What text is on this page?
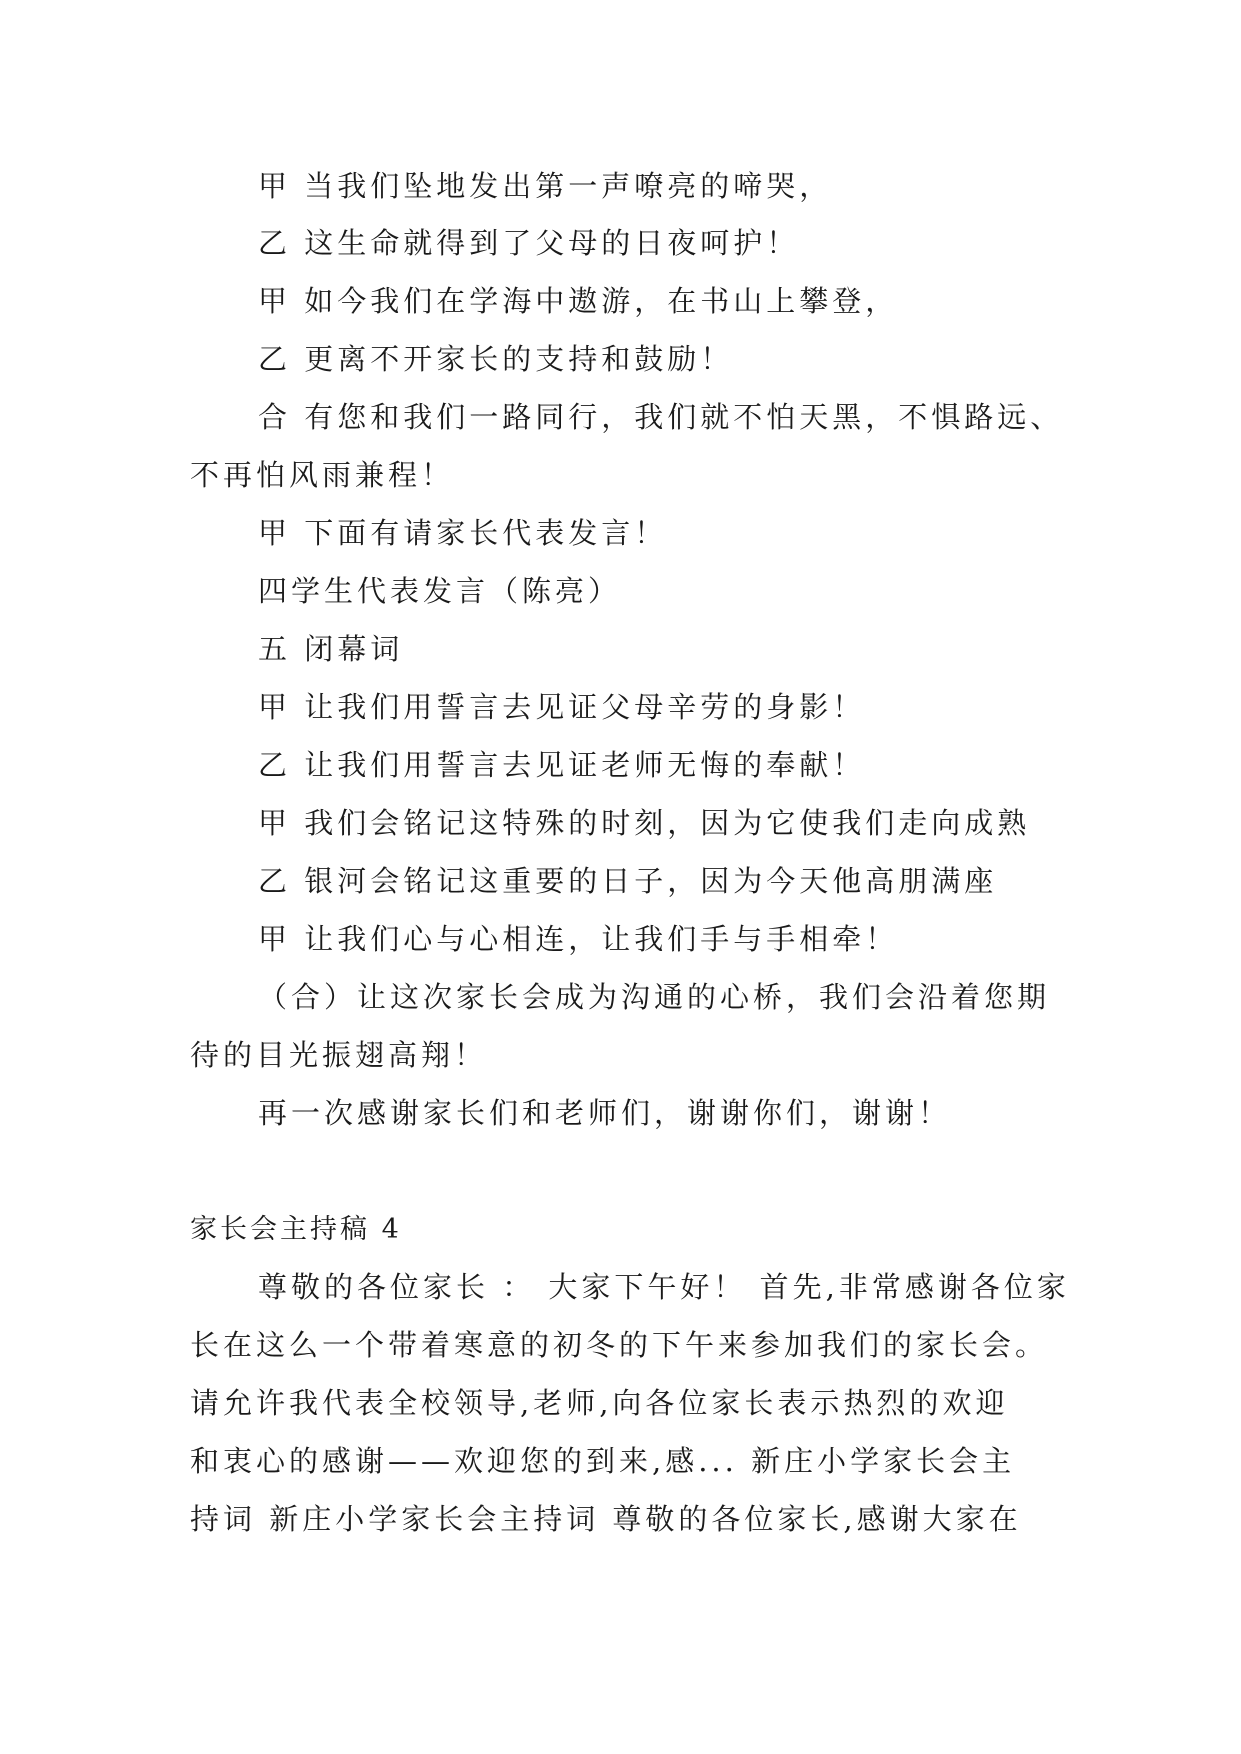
甲 当我们坠地发出第一声嘹亮的啼哭，
乙 这生命就得到了父母的日夜呵护！
甲 如今我们在学海中遨游，在书山上攀登，
乙 更离不开家长的支持和鼓励！
合 有您和我们一路同行，我们就不怕天黑，不惧路远、
不再怕风雨兼程！
甲 下面有请家长代表发言！
四学生代表发言（陈亮）
五 闭幕词
甲 让我们用誓言去见证父母辛劳的身影！
乙 让我们用誓言去见证老师无悔的奉献！
甲 我们会铭记这特殊的时刻，因为它使我们走向成熟
乙 银河会铭记这重要的日子，因为今天他高朋满座
甲 让我们心与心相连，让我们手与手相牵！
（合）让这次家长会成为沟通的心桥，我们会沿着您期
待的目光振翅高翔！
再一次感谢家长们和老师们，谢谢你们，谢谢！
家长会主持稿 4
尊敬的各位家长 ： 大家下午好！ 首先,非常感谢各位家
长在这么一个带着寒意的初冬的下午来参加我们的家长会。
请允许我代表全校领导,老师,向各位家长表示热烈的欢迎
和衷心的感谢——欢迎您的到来,感... 新庄小学家长会主
持词 新庄小学家长会主持词 尊敬的各位家长,感谢大家在
